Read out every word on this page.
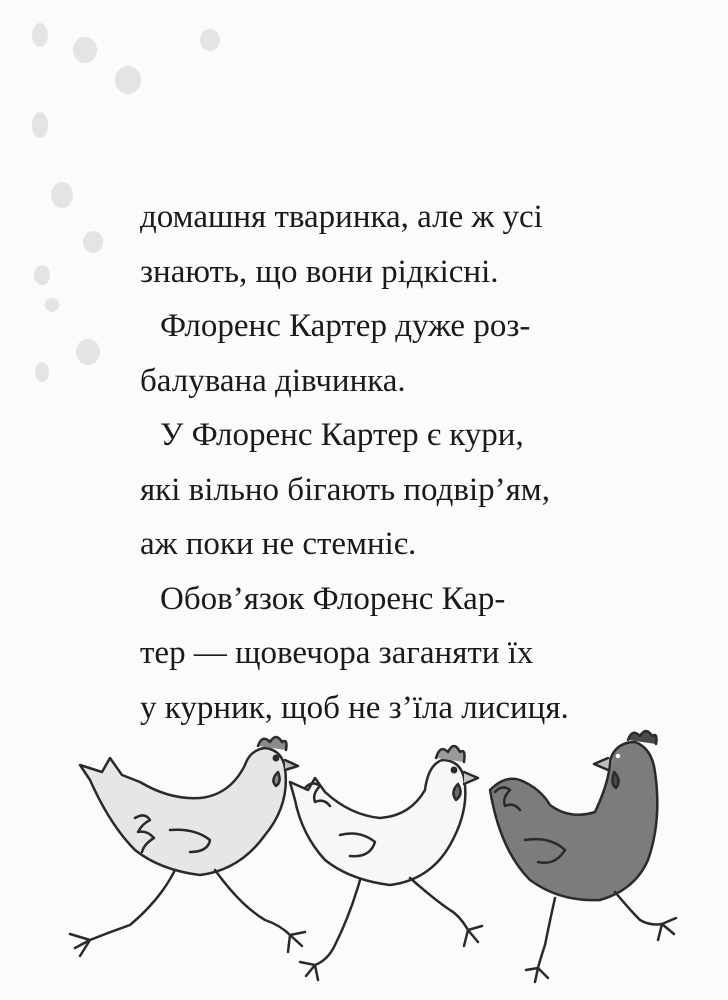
домашня тваринка, але ж усі
знають, що вони рідкісні.
Флоренс Картер дуже роз-
балувана дівчинка.
У Флоренс Картер є кури,
які вільно бігають подвір’ям,
аж поки не стемніє.
Обов’язок Флоренс Кар-
тер — щовечора заганяти їх
у курник, щоб не з’їла лисиця.
